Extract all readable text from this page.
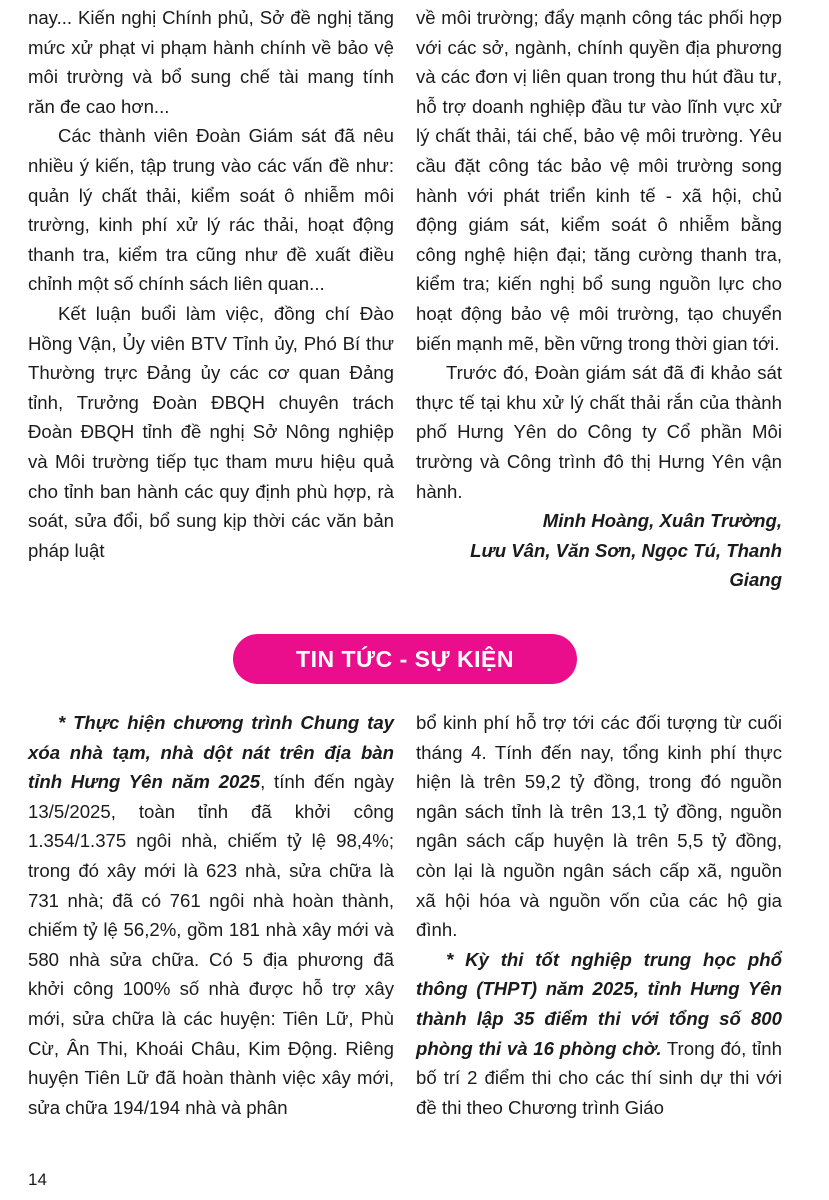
nay... Kiến nghị Chính phủ, Sở đề nghị tăng mức xử phạt vi phạm hành chính về bảo vệ môi trường và bổ sung chế tài mang tính răn đe cao hơn...

Các thành viên Đoàn Giám sát đã nêu nhiều ý kiến, tập trung vào các vấn đề như: quản lý chất thải, kiểm soát ô nhiễm môi trường, kinh phí xử lý rác thải, hoạt động thanh tra, kiểm tra cũng như đề xuất điều chỉnh một số chính sách liên quan...

Kết luận buổi làm việc, đồng chí Đào Hồng Vận, Ủy viên BTV Tỉnh ủy, Phó Bí thư Thường trực Đảng ủy các cơ quan Đảng tỉnh, Trưởng Đoàn ĐBQH chuyên trách Đoàn ĐBQH tỉnh đề nghị Sở Nông nghiệp và Môi trường tiếp tục tham mưu hiệu quả cho tỉnh ban hành các quy định phù hợp, rà soát, sửa đổi, bổ sung kịp thời các văn bản pháp luật

về môi trường; đẩy mạnh công tác phối hợp với các sở, ngành, chính quyền địa phương và các đơn vị liên quan trong thu hút đầu tư, hỗ trợ doanh nghiệp đầu tư vào lĩnh vực xử lý chất thải, tái chế, bảo vệ môi trường. Yêu cầu đặt công tác bảo vệ môi trường song hành với phát triển kinh tế - xã hội, chủ động giám sát, kiểm soát ô nhiễm bằng công nghệ hiện đại; tăng cường thanh tra, kiểm tra; kiến nghị bổ sung nguồn lực cho hoạt động bảo vệ môi trường, tạo chuyển biến mạnh mẽ, bền vững trong thời gian tới.

Trước đó, Đoàn giám sát đã đi khảo sát thực tế tại khu xử lý chất thải rắn của thành phố Hưng Yên do Công ty Cổ phần Môi trường và Công trình đô thị Hưng Yên vận hành.

Minh Hoàng, Xuân Trường,

Lưu Vân, Văn Sơn, Ngọc Tú, Thanh Giang

TIN TỨC - SỰ KIỆN

* Thực hiện chương trình Chung tay xóa nhà tạm, nhà dột nát trên địa bàn tỉnh Hưng Yên năm 2025, tính đến ngày 13/5/2025, toàn tỉnh đã khởi công 1.354/1.375 ngôi nhà, chiếm tỷ lệ 98,4%; trong đó xây mới là 623 nhà, sửa chữa là 731 nhà; đã có 761 ngôi nhà hoàn thành, chiếm tỷ lệ 56,2%, gồm 181 nhà xây mới và 580 nhà sửa chữa. Có 5 địa phương đã khởi công 100% số nhà được hỗ trợ xây mới, sửa chữa là các huyện: Tiên Lữ, Phù Cừ, Ân Thi, Khoái Châu, Kim Động. Riêng huyện Tiên Lữ đã hoàn thành việc xây mới, sửa chữa 194/194 nhà và phân

bổ kinh phí hỗ trợ tới các đối tượng từ cuối tháng 4. Tính đến nay, tổng kinh phí thực hiện là trên 59,2 tỷ đồng, trong đó nguồn ngân sách tỉnh là trên 13,1 tỷ đồng, nguồn ngân sách cấp huyện là trên 5,5 tỷ đồng, còn lại là nguồn ngân sách cấp xã, nguồn xã hội hóa và nguồn vốn của các hộ gia đình.

* Kỳ thi tốt nghiệp trung học phổ thông (THPT) năm 2025, tỉnh Hưng Yên thành lập 35 điểm thi với tổng số 800 phòng thi và 16 phòng chờ. Trong đó, tỉnh bố trí 2 điểm thi cho các thí sinh dự thi với đề thi theo Chương trình Giáo

14
